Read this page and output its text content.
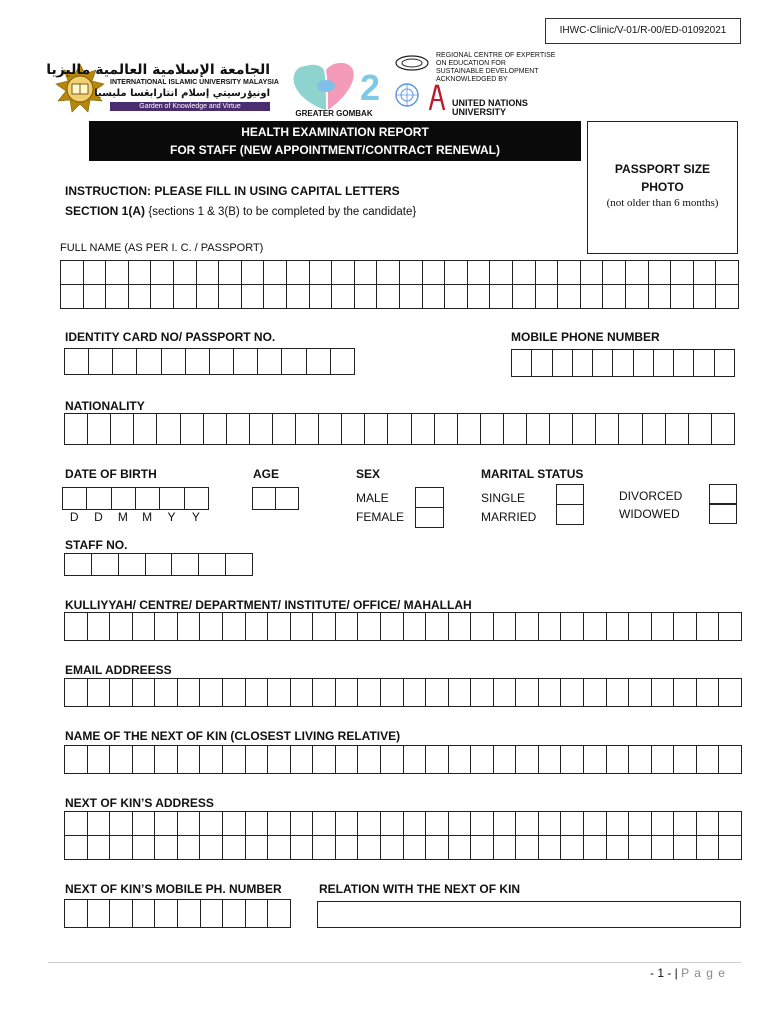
IHWC-Clinic/V-01/R-00/ED-01092021
الجامعة الإسلامية العالمية ماليزيا
INTERNATIONAL ISLAMIC UNIVERSITY MALAYSIA
اونيۏرسيتي إسلام انتارابڠسا مليسيا
Garden of Knowledge and Virtue	2
GREATER GOMBAK
REGIONAL CENTRE OF EXPERTISE
ON EDUCATION FOR
SUSTAINABLE DEVELOPMENT
ACKNOWLEDGED BY
UNITED NATIONS
UNIVERSITY
HEALTH EXAMINATION REPORT
FOR STAFF (NEW APPOINTMENT/CONTRACT RENEWAL)
PASSPORT SIZE
PHOTO
(not older than 6 months)
INSTRUCTION: PLEASE FILL IN USING CAPITAL LETTERS
SECTION 1(A) {sections 1 & 3(B) to be completed by the candidate}
FULL NAME (AS PER I. C. / PASSPORT)
IDENTITY CARD NO/ PASSPORT NO.	MOBILE PHONE NUMBER
NATIONALITY
DATE OF BIRTH
D	D	M	M	Y	Y
AGE	SEX
MALE
FEMALE
MARITAL STATUS
SINGLE
MARRIED
DIVORCED
WIDOWED
STAFF NO.
KULLIYYAH/ CENTRE/ DEPARTMENT/ INSTITUTE/ OFFICE/ MAHALLAH
EMAIL ADDREESS
NAME OF THE NEXT OF KIN (CLOSEST LIVING RELATIVE)
NEXT OF KIN’S ADDRESS
NEXT OF KIN’S MOBILE PH. NUMBER	RELATION WITH THE NEXT OF KIN
- 1 - | P a g e
